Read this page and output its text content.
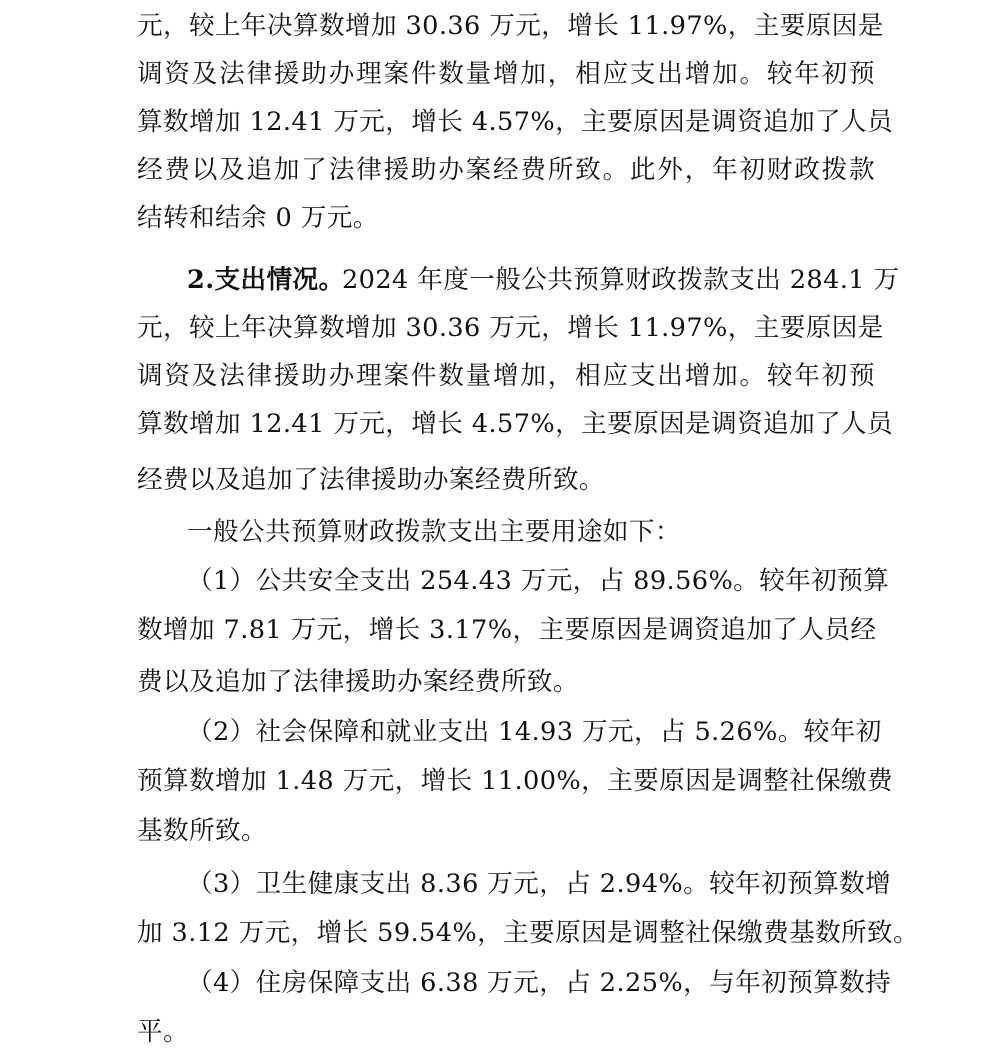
元，较上年决算数增加 30.36 万元，增长 11.97%，主要原因是
调资及法律援助办理案件数量增加，相应支出增加。较年初预
算数增加 12.41 万元，增长 4.57%，主要原因是调资追加了人员
经费以及追加了法律援助办案经费所致。此外，年初财政拨款
结转和结余 0 万元。
2.支出情况。
2024 年度一般公共预算财政拨款支出 284.1 万
元，较上年决算数增加 30.36 万元，增长 11.97%，主要原因是
调资及法律援助办理案件数量增加，相应支出增加。较年初预
算数增加 12.41 万元，增长 4.57%，主要原因是调资追加了人员
经费以及追加了法律援助办案经费所致。
一般公共预算财政拨款支出主要用途如下：
（1）公共安全支出 254.43 万元，占 89.56%。较年初预算
数增加 7.81 万元，增长 3.17%，主要原因是调资追加了人员经
费以及追加了法律援助办案经费所致。
（2）社会保障和就业支出 14.93 万元，占 5.26%。较年初
预算数增加 1.48 万元，增长 11.00%，主要原因是调整社保缴费
基数所致。
（3）卫生健康支出 8.36 万元，占 2.94%。较年初预算数增
加 3.12 万元，增长 59.54%，主要原因是调整社保缴费基数所致。
（4）住房保障支出 6.38 万元，占 2.25%，与年初预算数持
平。
